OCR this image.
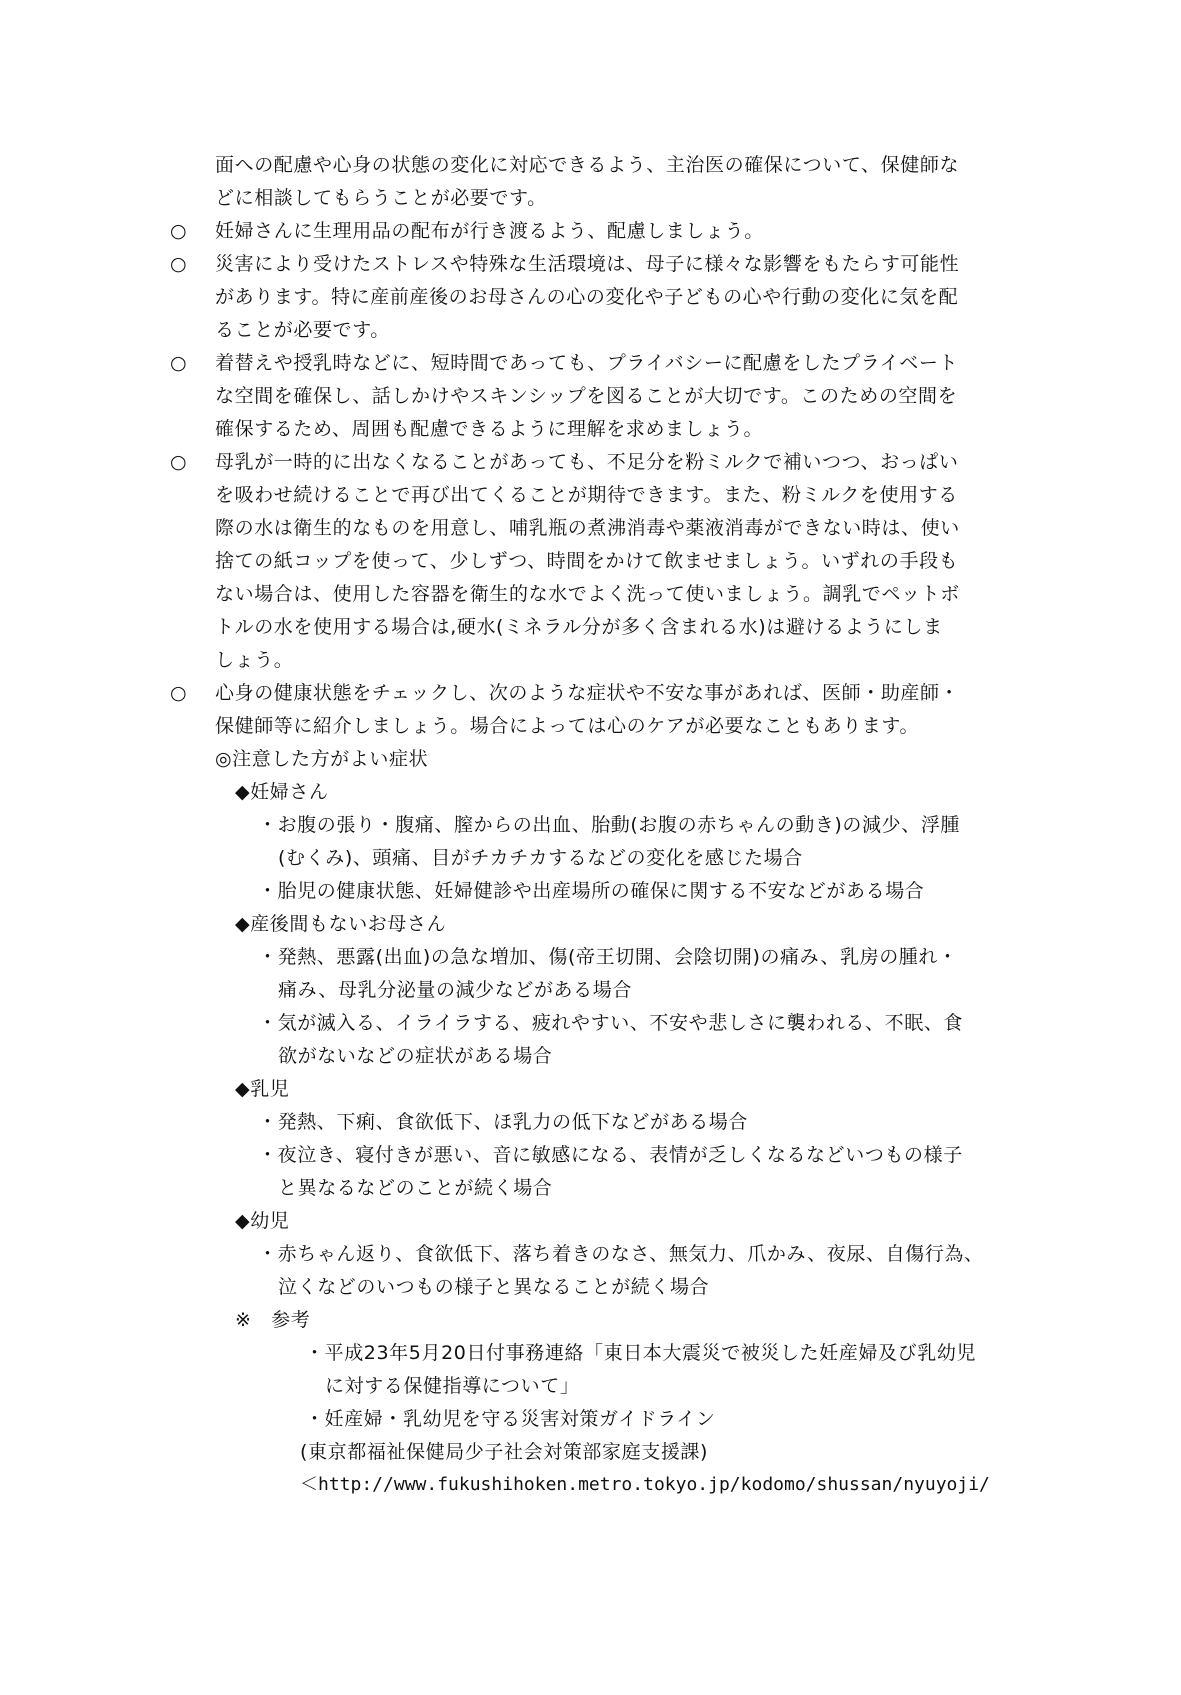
面への配慮や心身の状態の変化に対応できるよう、主治医の確保について、保健師な
どに相談してもらうことが必要です。
○ 妊婦さんに生理用品の配布が行き渡るよう、配慮しましょう。
○ 災害により受けたストレスや特殊な生活環境は、母子に様々な影響をもたらす可能性
があります。特に産前産後のお母さんの心の変化や子どもの心や行動の変化に気を配
ることが必要です。
○ 着替えや授乳時などに、短時間であっても、プライバシーに配慮をしたプライベート
な空間を確保し、話しかけやスキンシップを図ることが大切です。このための空間を
確保するため、周囲も配慮できるように理解を求めましょう。
○ 母乳が一時的に出なくなることがあっても、不足分を粉ミルクで補いつつ、おっぱい
を吸わせ続けることで再び出てくることが期待できます。また、粉ミルクを使用する
際の水は衛生的なものを用意し、哺乳瓶の煮沸消毒や薬液消毒ができない時は、使い
捨ての紙コップを使って、少しずつ、時間をかけて飲ませましょう。いずれの手段も
ない場合は、使用した容器を衛生的な水でよく洗って使いましょう。調乳でペットボ
トルの水を使用する場合は,硬水(ミネラル分が多く含まれる水)は避けるようにしま
しょう。
○ 心身の健康状態をチェックし、次のような症状や不安な事があれば、医師・助産師・
保健師等に紹介しましょう。場合によっては心のケアが必要なこともあります。
◎注意した方がよい症状
◆妊婦さん
・お腹の張り・腹痛、膣からの出血、胎動(お腹の赤ちゃんの動き)の減少、浮腫
(むくみ)、頭痛、目がチカチカするなどの変化を感じた場合
・胎児の健康状態、妊婦健診や出産場所の確保に関する不安などがある場合
◆産後間もないお母さん
・発熱、悪露(出血)の急な増加、傷(帝王切開、会陰切開)の痛み、乳房の腫れ・
痛み、母乳分泌量の減少などがある場合
・気が滅入る、イライラする、疲れやすい、不安や悲しさに襲われる、不眠、食
欲がないなどの症状がある場合
◆乳児
・発熱、下痢、食欲低下、ほ乳力の低下などがある場合
・夜泣き、寝付きが悪い、音に敏感になる、表情が乏しくなるなどいつもの様子
と異なるなどのことが続く場合
◆幼児
・赤ちゃん返り、食欲低下、落ち着きのなさ、無気力、爪かみ、夜尿、自傷行為、
泣くなどのいつもの様子と異なることが続く場合
※　参考
・平成23年5月20日付事務連絡「東日本大震災で被災した妊産婦及び乳幼児
に対する保健指導について」
・妊産婦・乳幼児を守る災害対策ガイドライン
(東京都福祉保健局少子社会対策部家庭支援課)
＜http://www.fukushihoken.metro.tokyo.jp/kodomo/shussan/nyuyoji/
